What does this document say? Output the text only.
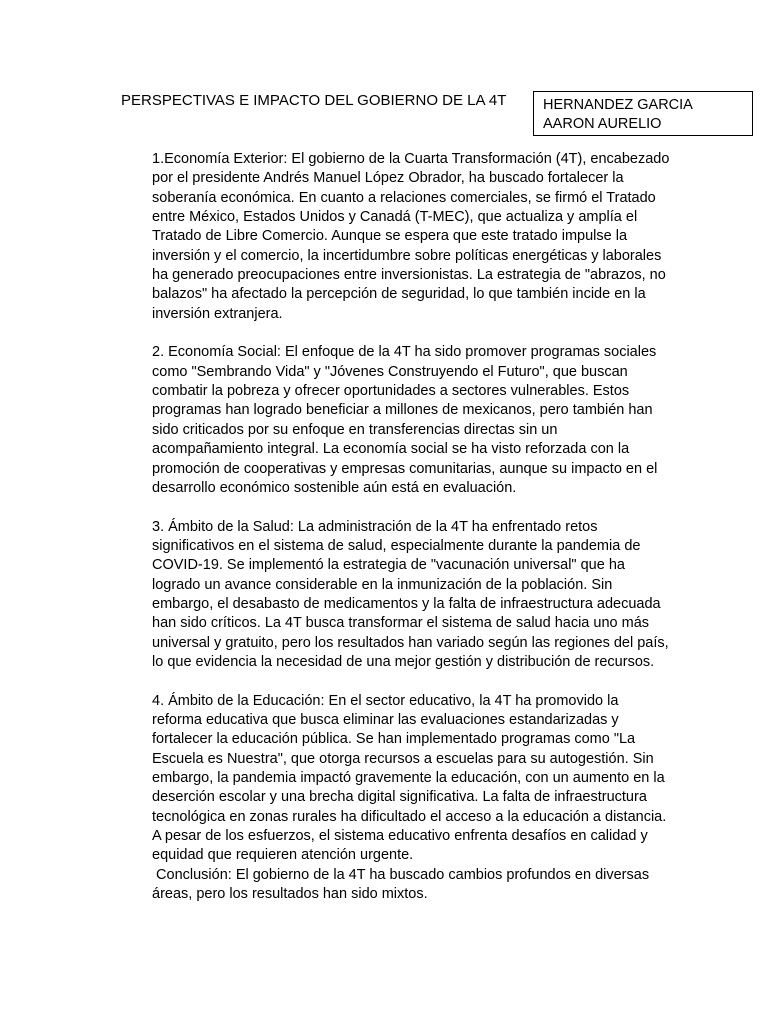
PERSPECTIVAS E IMPACTO DEL GOBIERNO DE LA 4T	HERNANDEZ GARCIA AARON AURELIO

1.Economía Exterior: El gobierno de la Cuarta Transformación (4T), encabezado por el presidente Andrés Manuel López Obrador, ha buscado fortalecer la soberanía económica. En cuanto a relaciones comerciales, se firmó el Tratado entre México, Estados Unidos y Canadá (T-MEC), que actualiza y amplía el Tratado de Libre Comercio. Aunque se espera que este tratado impulse la inversión y el comercio, la incertidumbre sobre políticas energéticas y laborales ha generado preocupaciones entre inversionistas. La estrategia de "abrazos, no balazos" ha afectado la percepción de seguridad, lo que también incide en la inversión extranjera.

2. Economía Social: El enfoque de la 4T ha sido promover programas sociales como "Sembrando Vida" y "Jóvenes Construyendo el Futuro", que buscan combatir la pobreza y ofrecer oportunidades a sectores vulnerables. Estos programas han logrado beneficiar a millones de mexicanos, pero también han sido criticados por su enfoque en transferencias directas sin un acompañamiento integral. La economía social se ha visto reforzada con la promoción de cooperativas y empresas comunitarias, aunque su impacto en el desarrollo económico sostenible aún está en evaluación.

3. Ámbito de la Salud: La administración de la 4T ha enfrentado retos significativos en el sistema de salud, especialmente durante la pandemia de COVID-19. Se implementó la estrategia de "vacunación universal" que ha logrado un avance considerable en la inmunización de la población. Sin embargo, el desabasto de medicamentos y la falta de infraestructura adecuada han sido críticos. La 4T busca transformar el sistema de salud hacia uno más universal y gratuito, pero los resultados han variado según las regiones del país, lo que evidencia la necesidad de una mejor gestión y distribución de recursos.

4. Ámbito de la Educación: En el sector educativo, la 4T ha promovido la reforma educativa que busca eliminar las evaluaciones estandarizadas y fortalecer la educación pública. Se han implementado programas como "La Escuela es Nuestra", que otorga recursos a escuelas para su autogestión. Sin embargo, la pandemia impactó gravemente la educación, con un aumento en la deserción escolar y una brecha digital significativa. La falta de infraestructura tecnológica en zonas rurales ha dificultado el acceso a la educación a distancia. A pesar de los esfuerzos, el sistema educativo enfrenta desafíos en calidad y equidad que requieren atención urgente.

Conclusión: El gobierno de la 4T ha buscado cambios profundos en diversas áreas, pero los resultados han sido mixtos.
